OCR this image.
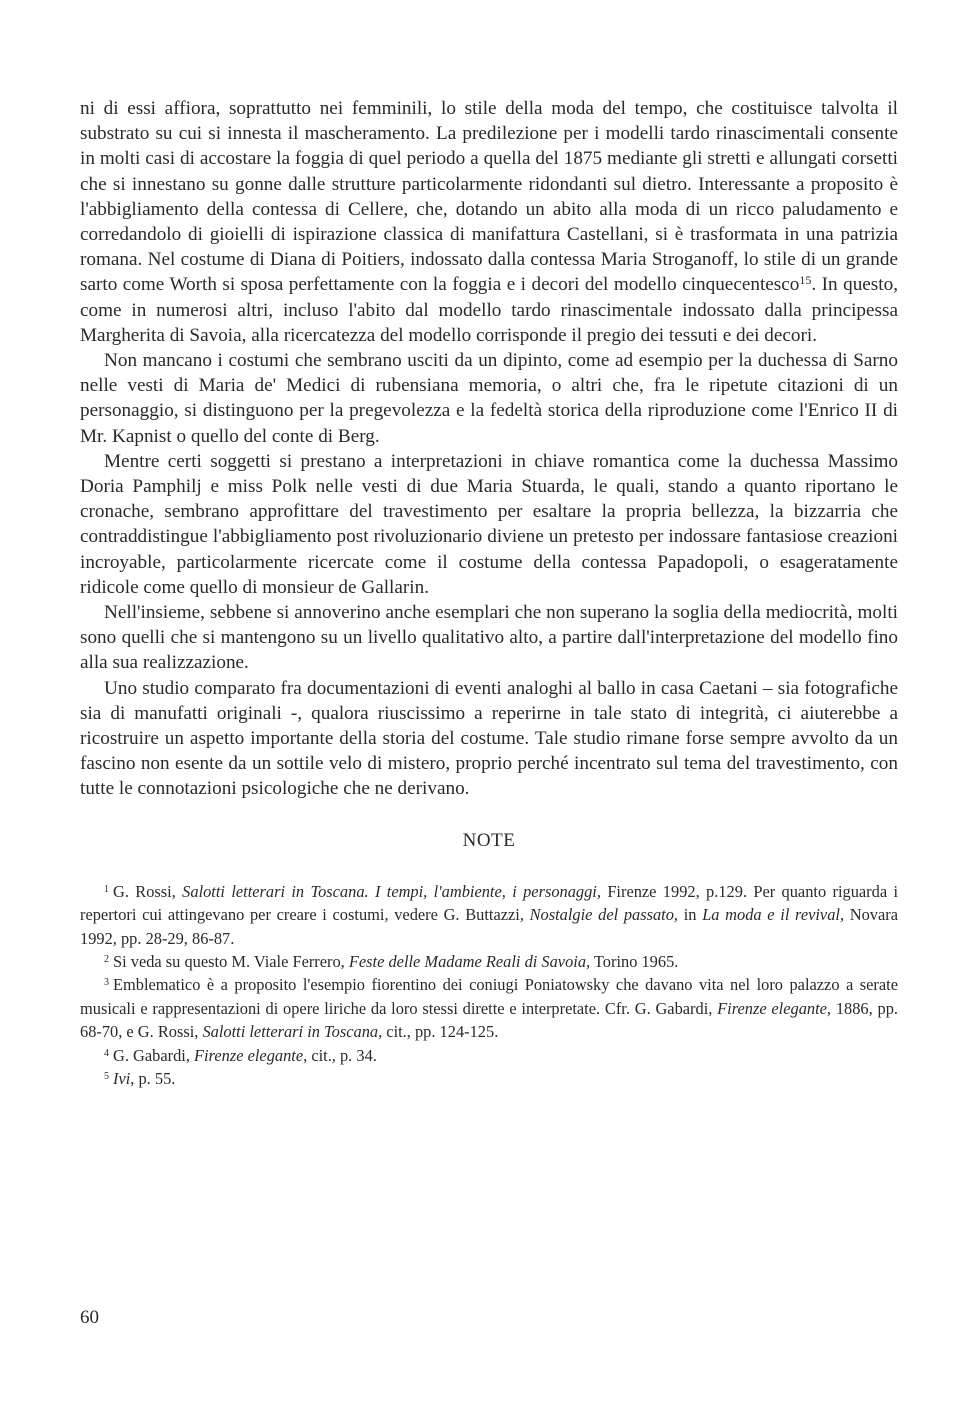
ni di essi affiora, soprattutto nei femminili, lo stile della moda del tempo, che costituisce talvolta il substrato su cui si innesta il mascheramento. La predilezione per i modelli tardo rinascimentali consente in molti casi di accostare la foggia di quel periodo a quella del 1875 mediante gli stretti e allungati corsetti che si innestano su gonne dalle strutture particolarmente ridondanti sul dietro. Interessante a proposito è l'abbigliamento della contessa di Cellere, che, dotando un abito alla moda di un ricco paludamento e corredandolo di gioielli di ispirazione classica di manifattura Castellani, si è trasformata in una patrizia romana. Nel costume di Diana di Poitiers, indossato dalla contessa Maria Stroganoff, lo stile di un grande sarto come Worth si sposa perfettamente con la foggia e i decori del modello cinquecentesco$^{15}$. In questo, come in numerosi altri, incluso l'abito dal modello tardo rinascimentale indossato dalla principessa Margherita di Savoia, alla ricercatezza del modello corrisponde il pregio dei tessuti e dei decori.

Non mancano i costumi che sembrano usciti da un dipinto, come ad esempio per la duchessa di Sarno nelle vesti di Maria de' Medici di rubensiana memoria, o altri che, fra le ripetute citazioni di un personaggio, si distinguono per la pregevolezza e la fedeltà storica della riproduzione come l'Enrico II di Mr. Kapnist o quello del conte di Berg.

Mentre certi soggetti si prestano a interpretazioni in chiave romantica come la duchessa Massimo Doria Pamphilj e miss Polk nelle vesti di due Maria Stuarda, le quali, stando a quanto riportano le cronache, sembrano approfittare del travestimento per esaltare la propria bellezza, la bizzarria che contraddistingue l'abbigliamento post rivoluzionario diviene un pretesto per indossare fantasiose creazioni incroyable, particolarmente ricercate come il costume della contessa Papadopoli, o esageratamente ridicole come quello di monsieur de Gallarin.

Nell'insieme, sebbene si annoverino anche esemplari che non superano la soglia della mediocrità, molti sono quelli che si mantengono su un livello qualitativo alto, a partire dall'interpretazione del modello fino alla sua realizzazione.

Uno studio comparato fra documentazioni di eventi analoghi al ballo in casa Caetani – sia fotografiche sia di manufatti originali -, qualora riuscissimo a reperirne in tale stato di integrità, ci aiuterebbe a ricostruire un aspetto importante della storia del costume. Tale studio rimane forse sempre avvolto da un fascino non esente da un sottile velo di mistero, proprio perché incentrato sul tema del travestimento, con tutte le connotazioni psicologiche che ne derivano.

NOTE

$^1$ G. Rossi, Salotti letterari in Toscana. I tempi, l'ambiente, i personaggi, Firenze 1992, p.129. Per quanto riguarda i repertori cui attingevano per creare i costumi, vedere G. Buttazzi, Nostalgie del passato, in La moda e il revival, Novara 1992, pp. 28-29, 86-87.

$^2$ Si veda su questo M. Viale Ferrero, Feste delle Madame Reali di Savoia, Torino 1965.

$^3$ Emblematico è a proposito l'esempio fiorentino dei coniugi Poniatowsky che davano vita nel loro palazzo a serate musicali e rappresentazioni di opere liriche da loro stessi dirette e interpretate. Cfr. G. Gabardi, Firenze elegante, 1886, pp. 68-70, e G. Rossi, Salotti letterari in Toscana, cit., pp. 124-125.

$^4$ G. Gabardi, Firenze elegante, cit., p. 34.

$^5$ Ivi, p. 55.

60
